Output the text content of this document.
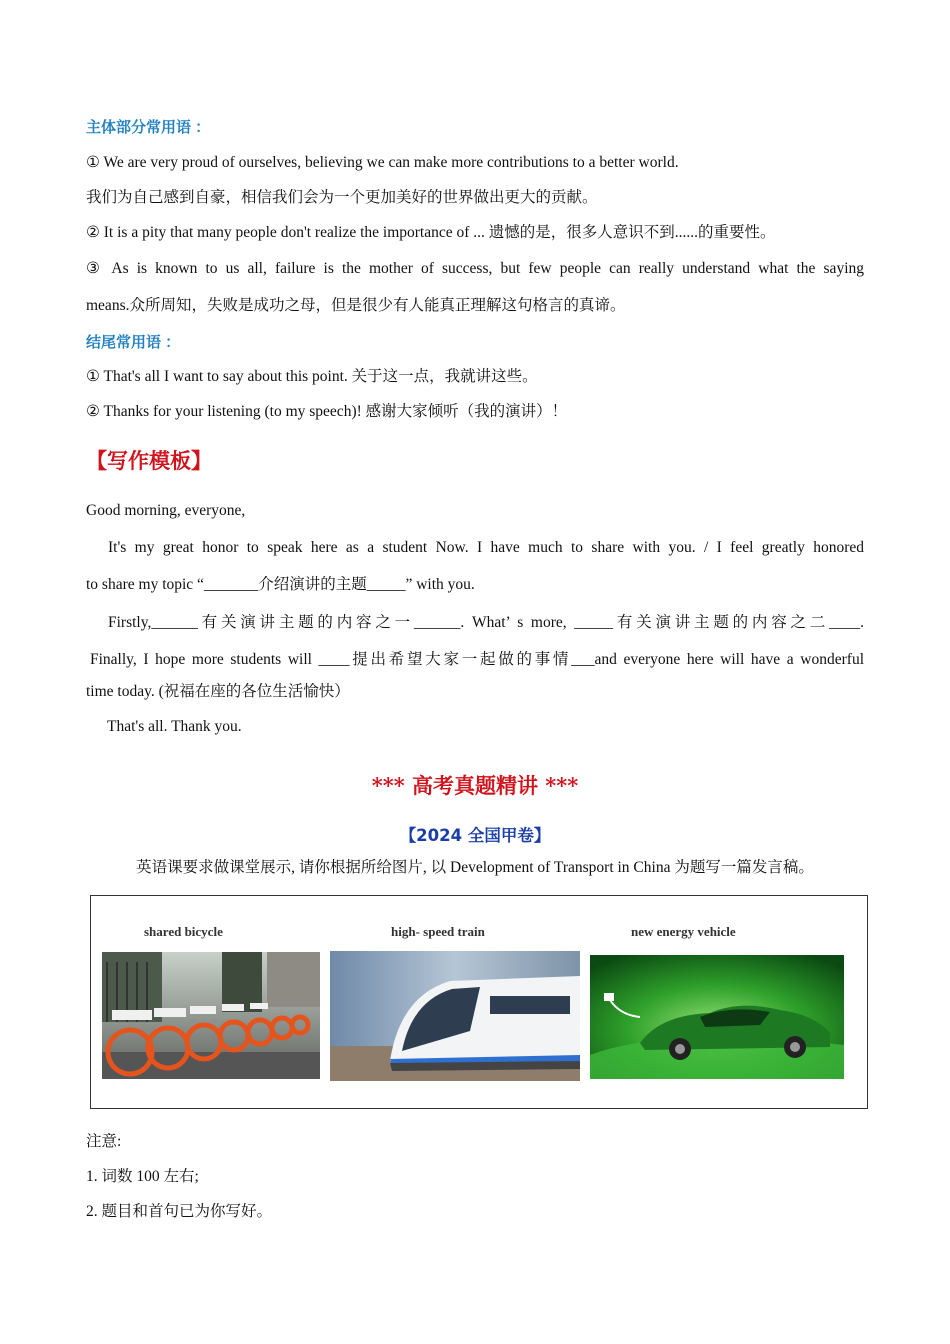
主体部分常用语 ：

① We are very proud of ourselves, believing we can make more contributions to a better world.

我们为自己感到自豪，相信我们会为一个更加美好的世界做出更大的贡献。

② It is a pity that many people don't realize the importance of ... 遗憾的是，很多人意识不到......的重要性。

③ As is known to us all, failure is the mother of success, but few people can really understand what the saying

means.众所周知，失败是成功之母，但是很少有人能真正理解这句格言的真谛。

结尾常用语 ：

① That's all I want to say about this point. 关于这一点，我就讲这些。

② Thanks for your listening (to my speech)! 感谢大家倾听（我的演讲）！

【写作模板】

Good morning, everyone,

It's my great honor to speak here as a student Now. I have much to share with you. / I feel greatly honored

to share my topic “_______介绍演讲的主题_____” with you.

Firstly,______有关演讲主题的内容之一______. What’ s more, _____有关演讲主题的内容之二____.

Finally, I hope more students will ____提出希望大家一起做的事情___and everyone here will have a wonderful

time today. (祝福在座的各位生活愉快）

That's all. Thank you.

*** 高考真题精讲 ***

【2024 全国甲卷】

英语课要求做课堂展示, 请你根据所给图片, 以 Development of Transport in China 为题写一篇发言稿。

shared bicycle	high- speed train	new energy vehicle

注意:

1. 词数 100 左右;

2. 题目和首句已为你写好。
